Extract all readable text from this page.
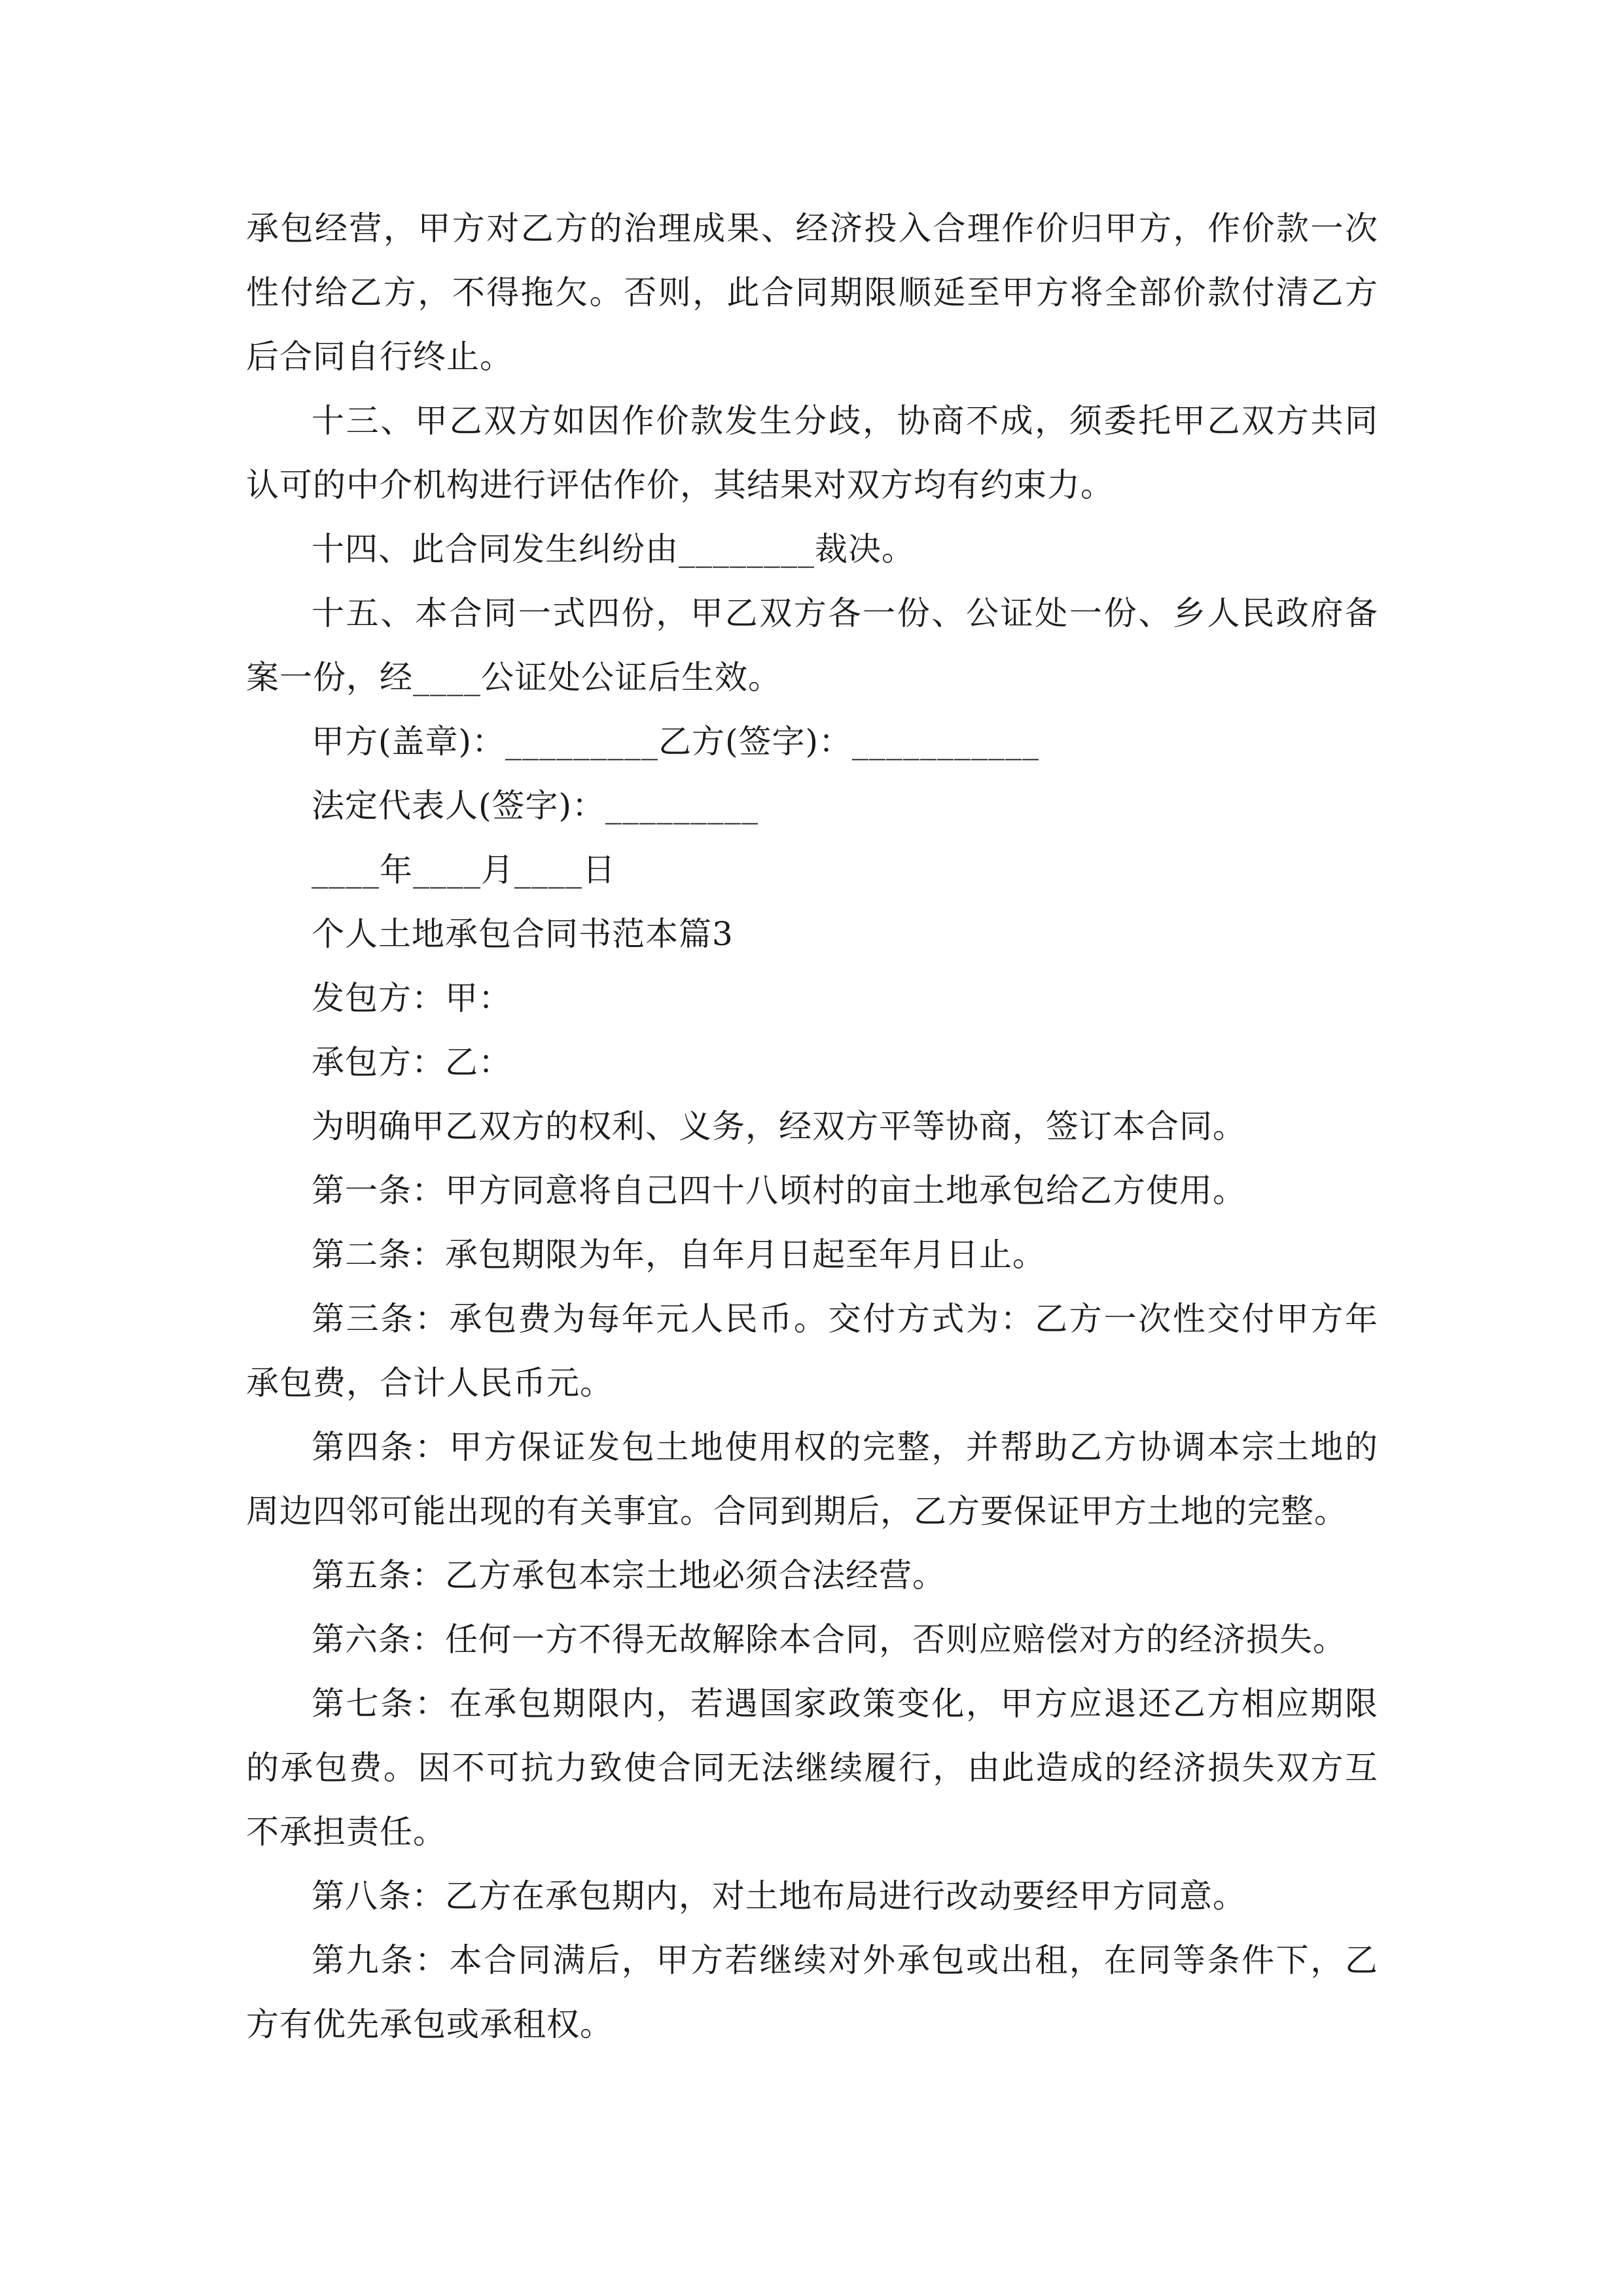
承包经营，甲方对乙方的治理成果、经济投入合理作价归甲方，作价款一次性付给乙方，不得拖欠。否则，此合同期限顺延至甲方将全部价款付清乙方后合同自行终止。

十三、甲乙双方如因作价款发生分歧，协商不成，须委托甲乙双方共同认可的中介机构进行评估作价，其结果对双方均有约束力。

十四、此合同发生纠纷由________裁决。

十五、本合同一式四份，甲乙双方各一份、公证处一份、乡人民政府备案一份，经____公证处公证后生效。

甲方(盖章)：_________乙方(签字)：___________

法定代表人(签字)：_________

____年____月____日

个人土地承包合同书范本篇3

发包方：甲：

承包方：乙：

为明确甲乙双方的权利、义务，经双方平等协商，签订本合同。

第一条：甲方同意将自己四十八顷村的亩土地承包给乙方使用。

第二条：承包期限为年，自年月日起至年月日止。

第三条：承包费为每年元人民币。交付方式为：乙方一次性交付甲方年承包费，合计人民币元。

第四条：甲方保证发包土地使用权的完整，并帮助乙方协调本宗土地的周边四邻可能出现的有关事宜。合同到期后，乙方要保证甲方土地的完整。

第五条：乙方承包本宗土地必须合法经营。

第六条：任何一方不得无故解除本合同，否则应赔偿对方的经济损失。

第七条：在承包期限内，若遇国家政策变化，甲方应退还乙方相应期限的承包费。因不可抗力致使合同无法继续履行，由此造成的经济损失双方互不承担责任。

第八条：乙方在承包期内，对土地布局进行改动要经甲方同意。

第九条：本合同满后，甲方若继续对外承包或出租，在同等条件下，乙方有优先承包或承租权。
